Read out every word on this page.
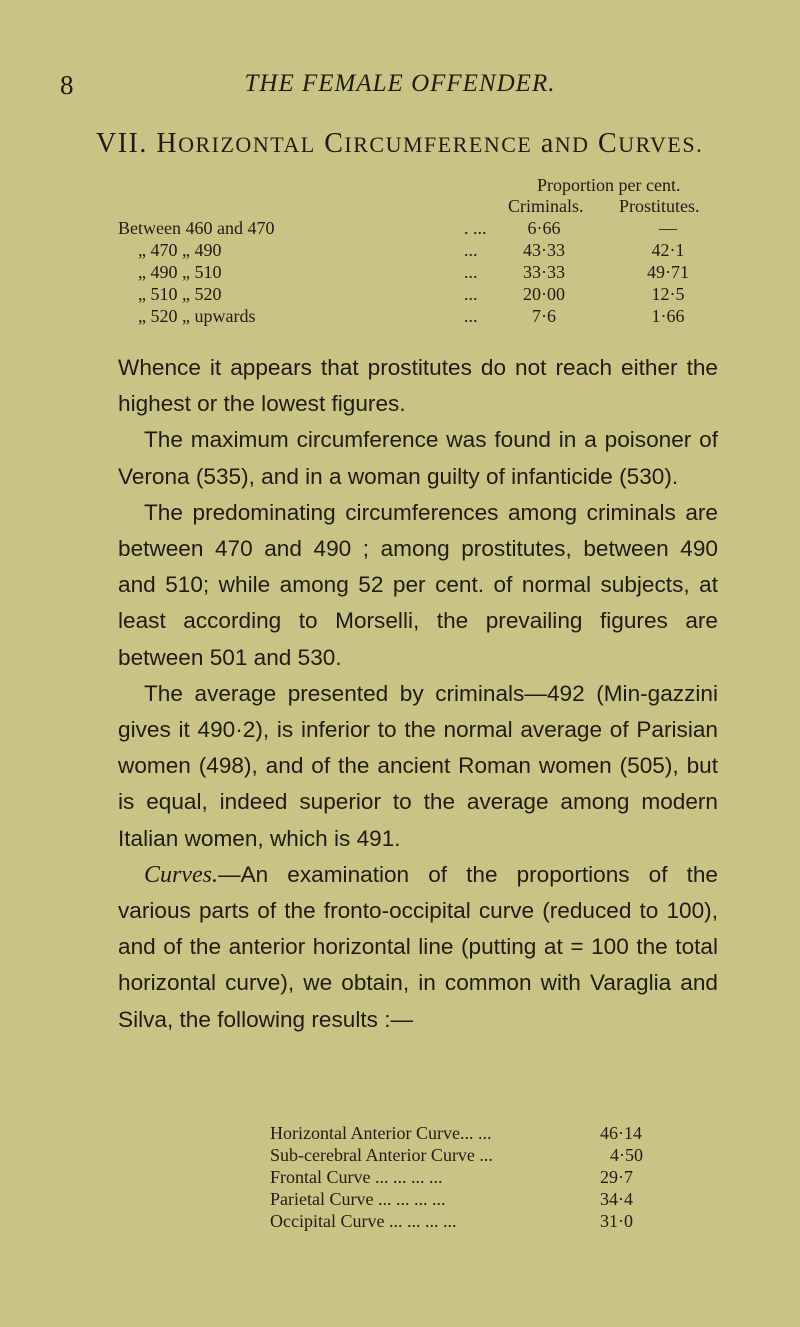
8	THE FEMALE OFFENDER.
VII. HORIZONTAL CIRCUMFERENCE aND CURVES.
Proportion per cent.
Criminals. Prostitutes.
Between 460 and 470	. ...	6·66	—
„ 470 „ 490	...	43·33	42·1
„ 490 „ 510	...	33·33	49·71
„ 510 „ 520	...	20·00	12·5
„ 520 „ upwards	...	7·6	1·66

Whence it appears that prostitutes do not reach either the highest or the lowest figures.

The maximum circumference was found in a poisoner of Verona (535), and in a woman guilty of infanticide (530).

The predominating circumferences among criminals are between 470 and 490 ; among prostitutes, between 490 and 510; while among 52 per cent. of normal subjects, at least according to Morselli, the prevailing figures are between 501 and 530.

The average presented by criminals—492 (Min-gazzini gives it 490·2), is inferior to the normal average of Parisian women (498), and of the ancient Roman women (505), but is equal, indeed superior to the average among modern Italian women, which is 491.

Curves.—An examination of the proportions of the various parts of the fronto-occipital curve (reduced to 100), and of the anterior horizontal line (putting at = 100 the total horizontal curve), we obtain, in common with Varaglia and Silva, the following results :—

Horizontal Anterior Curve... ...	46·14
Sub-cerebral Anterior Curve ...	4·50
Frontal Curve ... ... ... ...	29·7
Parietal Curve ... ... ... ...	34·4
Occipital Curve ... ... ... ...	31·0
